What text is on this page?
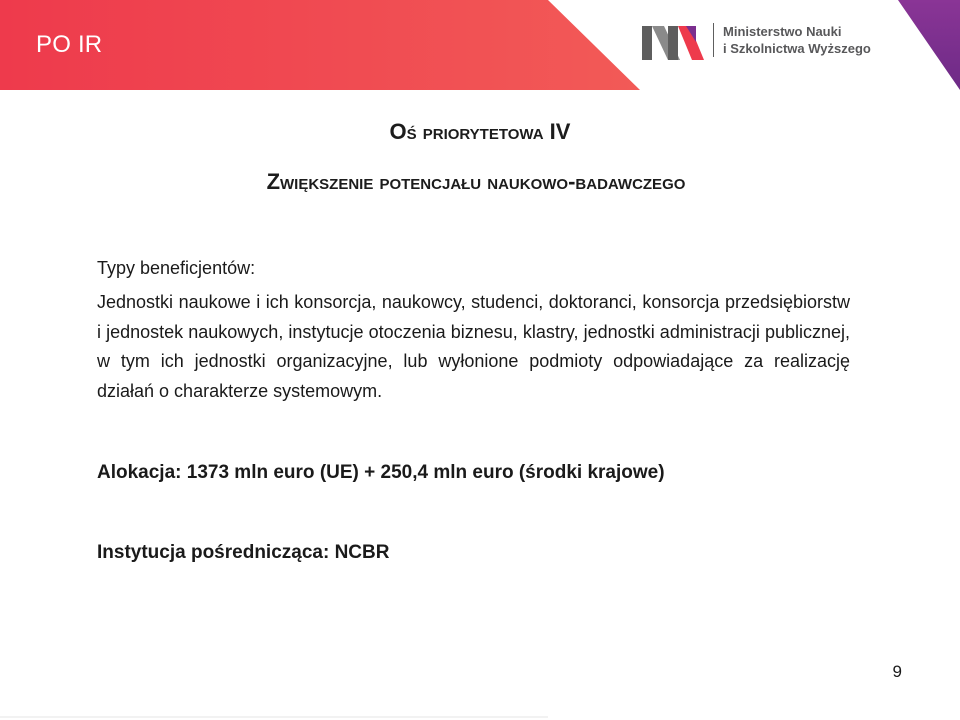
PO IR	Ministerstwo Nauki
i Szkolnictwa Wyższego
Oś priorytetowa IV
Zwiększenie potencjału naukowo-badawczego
Typy beneficjentów:
Jednostki naukowe i ich konsorcja, naukowcy, studenci, doktoranci, konsorcja przedsiębiorstw i jednostek naukowych, instytucje otoczenia biznesu, klastry, jednostki administracji publicznej, w tym ich jednostki organizacyjne, lub wyłonione podmioty odpowiadające za realizację działań o charakterze systemowym.
Alokacja: 1373 mln euro (UE) + 250,4 mln euro (środki krajowe)
Instytucja pośrednicząca: NCBR
9
